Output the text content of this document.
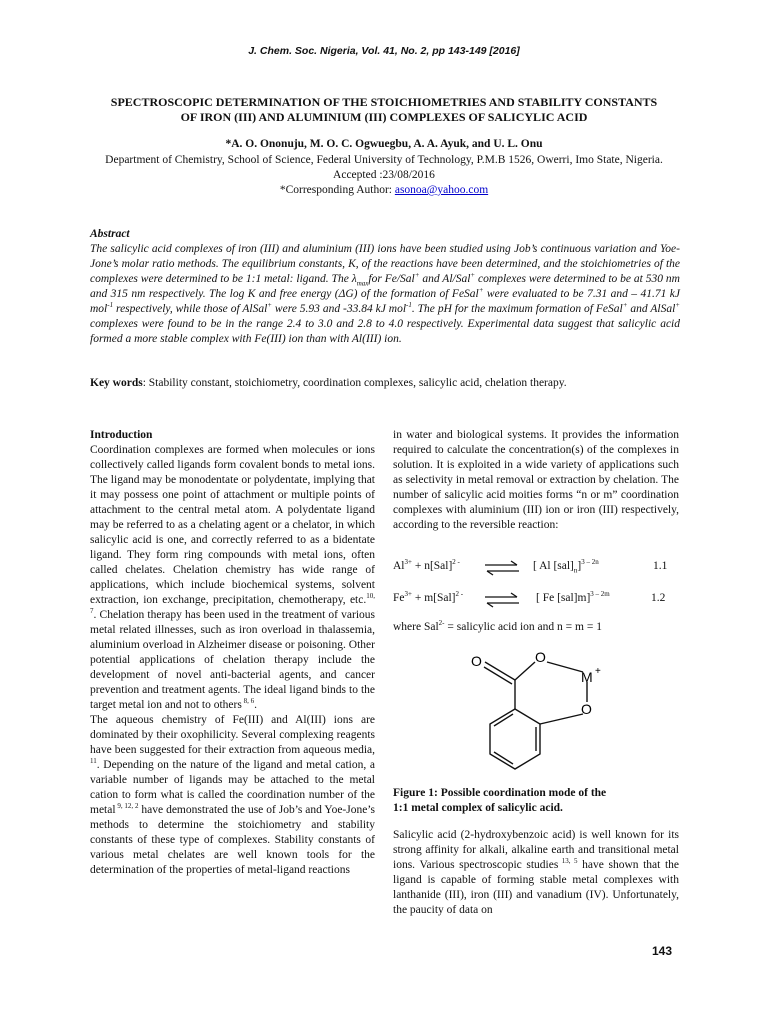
J. Chem. Soc. Nigeria, Vol. 41, No. 2, pp 143-149 [2016]
SPECTROSCOPIC DETERMINATION OF THE STOICHIOMETRIES AND STABILITY CONSTANTS
OF IRON (III) AND ALUMINIUM (III) COMPLEXES OF SALICYLIC ACID
*A. O. Ononuju, M. O. C. Ogwuegbu, A. A. Ayuk, and U. L. Onu
Department of Chemistry, School of Science, Federal University of Technology, P.M.B 1526, Owerri, Imo State, Nigeria.
Accepted :23/08/2016
*Corresponding Author: asonoa@yahoo.com
Abstract
The salicylic acid complexes of iron (III) and aluminium (III) ions have been studied using Job’s continuous variation and Yoe-Jone’s molar ratio methods. The equilibrium constants, K, of the reactions have been determined, and the stoichiometries of the complexes were determined to be 1:1 metal: ligand. The $\lambda_{max}for$ Fe/Sal+ and Al/Sal+ complexes were determined to be at 530 nm and 315 nm respectively. The log K and free energy (ΔG) of the formation of FeSal+ were evaluated to be 7.31 and – 41.71 kJ mol$^{-1}$ respectively, while those of AlSal+ were 5.93 and -33.84 kJ mol$^{-1}$. The pH for the maximum formation of FeSal+ and AlSal+ complexes were found to be in the range 2.4 to 3.0 and 2.8 to 4.0 respectively. Experimental data suggest that salicylic acid formed a more stable complex with Fe(III) ion than with Al(III) ion.
Key words: Stability constant, stoichiometry, coordination complexes, salicylic acid, chelation therapy.

Introduction

Coordination complexes are formed when molecules or ions collectively called ligands form covalent bonds to metal ions. The ligand may be monodentate or polydentate, implying that it may possess one point of attachment or multiple points of attachment to the central metal atom. A polydentate ligand may be referred to as a chelating agent or a chelator, in which salicylic acid is one, and correctly referred to as a bidentate ligand. They form ring compounds with metal ions, often called chelates. Chelation chemistry has wide range of applications, which include biochemical systems, solvent extraction, ion exchange, precipitation, chemotherapy, etc.$^{10, 7}$. Chelation therapy has been used in the treatment of various metal related illnesses, such as iron overload in thalassemia, aluminium overload in Alzheimer disease or poisoning. Other potential applications of chelation therapy include the development of novel anti-bacterial agents, and cancer prevention and treatment agents. The ideal ligand binds to the target metal ion and not to others $^{8, 6}$.

The aqueous chemistry of Fe(III) and Al(III) ions are dominated by their oxophilicity. Several complexing reagents have been suggested for their extraction from aqueous media, $^{11}$. Depending on the nature of the ligand and metal cation, a variable number of ligands may be attached to the metal cation to form what is called the coordination number of the metal $^{9, 12, 2}$ have demonstrated the use of Job’s and Yoe-Jone’s methods to determine the stoichiometry and stability constants of these type of complexes. Stability constants of various metal chelates are well known tools for the determination of the properties of metal-ligand reactions

in water and biological systems. It provides the information required to calculate the concentration(s) of the complexes in solution. It is exploited in a wide variety of applications such as selectivity in metal removal or extraction by chelation. The number of salicylic acid moities forms “n or m” coordination complexes with aluminium (III) ion or iron (III) respectively, according to the reversible reaction:

$Al^{3+} + n[Sal]^{2 -}$ ⇌ [ Al $[sal]_n]^{3 - 2n}$	1.1
$Fe^{3+} + m[Sal]^{2 -}$ ⇌ [ Fe [sal]m]$^{3 - 2m}$	1.2
where Sal$^{2-}$ = salicylic acid ion and n = m = 1
O	O
M +
O
Figure 1: Possible coordination mode of the
1:1 metal complex of salicylic acid.

Salicylic acid (2-hydroxybenzoic acid) is well known for its strong affinity for alkali, alkaline earth and transitional metal ions. Various spectroscopic studies $^{13, 5}$ have shown that the ligand is capable of forming stable metal complexes with lanthanide (III), iron (III) and vanadium (IV). Unfortunately, the paucity of data on

143
